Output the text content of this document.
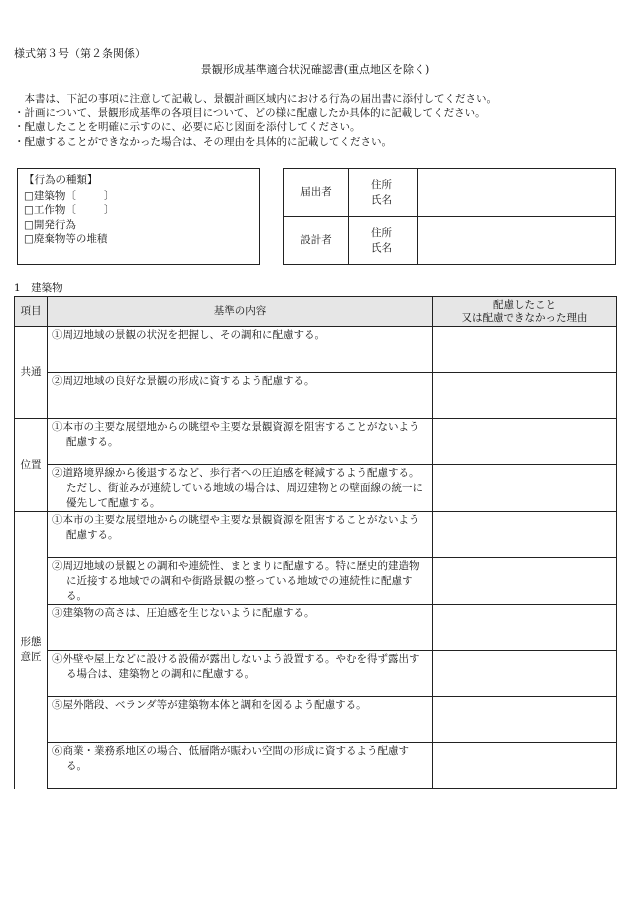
様式第３号（第２条関係）
景観形成基準適合状況確認書(重点地区を除く)
本書は、下記の事項に注意して記載し、景観計画区域内における行為の届出書に添付してください。
・計画について、景観形成基準の各項目について、どの様に配慮したか具体的に記載してください。
・配慮したことを明確に示すのに、必要に応じ図面を添付してください。
・配慮することができなかった場合は、その理由を具体的に記載してください。
【行為の種類】
□建築物〔	〕
□工作物〔	〕
□開発行為
□廃棄物等の堆積
届出者	住所
氏名	

設計者	住所
氏名	

1　建築物
項目	基準の内容	配慮したこと
又は配慮できなかった理由

共通	①周辺地域の景観の状況を把握し、その調和に配慮する。	
	②周辺地域の良好な景観の形成に資するよう配慮する。	
位置	①本市の主要な展望地からの眺望や主要な景観資源を阻害することがないよう配慮する。	
	②道路境界線から後退するなど、歩行者への圧迫感を軽減するよう配慮する。ただし、街並みが連続している地域の場合は、周辺建物との壁面線の統一に優先して配慮する。	

形態
意匠	①本市の主要な展望地からの眺望や主要な景観資源を阻害することがないよう配慮する。	
	②周辺地域の景観との調和や連続性、まとまりに配慮する。特に歴史的建造物に近接する地域での調和や街路景観の整っている地域での連続性に配慮する。	
	③建築物の高さは、圧迫感を生じないように配慮する。	
	④外壁や屋上などに設ける設備が露出しないよう設置する。やむを得ず露出する場合は、建築物との調和に配慮する。	
	⑤屋外階段、ベランダ等が建築物本体と調和を図るよう配慮する。	
	⑥商業・業務系地区の場合、低層階が賑わい空間の形成に資するよう配慮する。	
